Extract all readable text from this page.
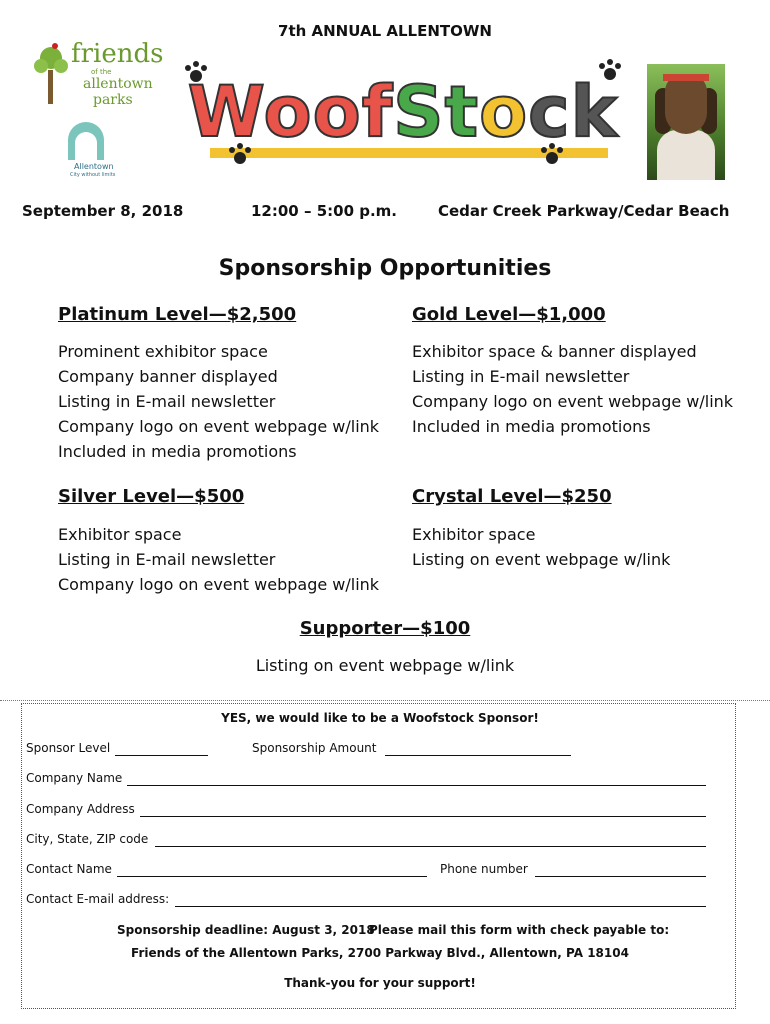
7th ANNUAL ALLENTOWN
friends
of the
allentown
parks
Allentown
City without limits
WoofStock
September 8, 2018	12:00 – 5:00 p.m.	Cedar Creek Parkway/Cedar Beach
Sponsorship Opportunities
Platinum Level—$2,500
Prominent exhibitor space
Company banner displayed
Listing in E-mail newsletter
Company logo on event webpage w/link
Included in media promotions
Gold Level—$1,000
Exhibitor space & banner displayed
Listing in E-mail newsletter
Company logo on event webpage w/link
Included in media promotions
Silver Level—$500
Exhibitor space
Listing in E-mail newsletter
Company logo on event webpage w/link
Crystal Level—$250
Exhibitor space
Listing on event webpage w/link
Supporter—$100
Listing on event webpage w/link
YES, we would like to be a Woofstock Sponsor!
Sponsor Level	Sponsorship Amount
Company Name
Company Address
City, State, ZIP code
Contact Name	Phone number
Contact E-mail address:
Sponsorship deadline: August 3, 2018
Please mail this form with check payable to:
Friends of the Allentown Parks, 2700 Parkway Blvd., Allentown, PA 18104
Thank-you for your support!
